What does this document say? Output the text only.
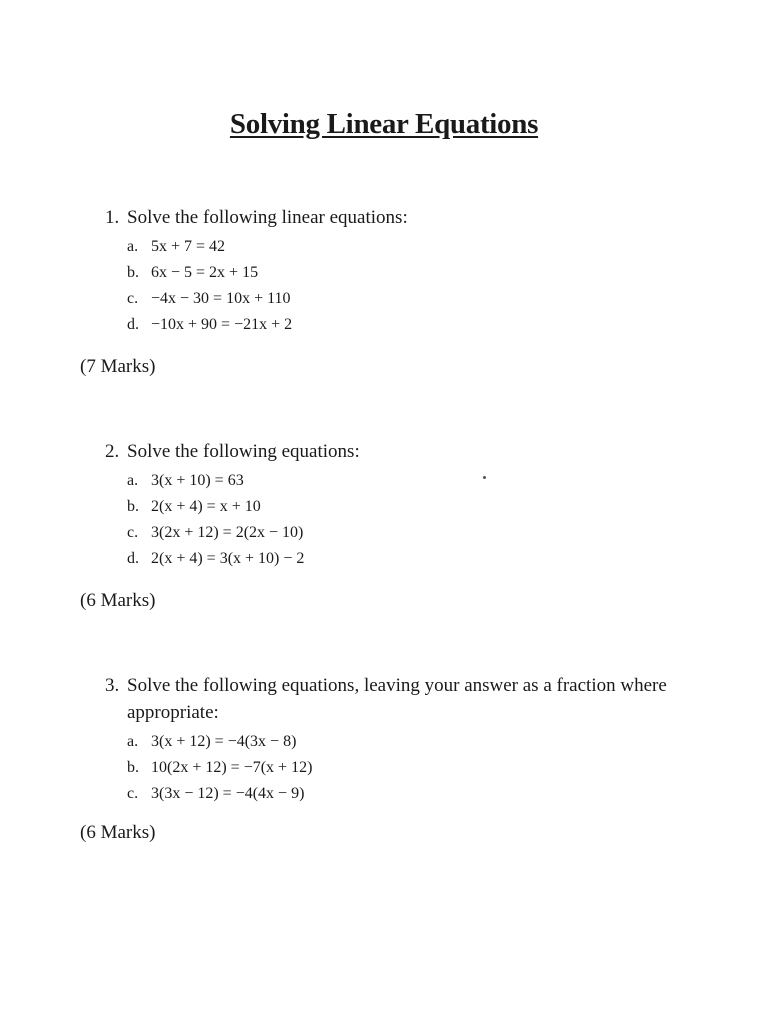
Solving Linear Equations
1. Solve the following linear equations:
a. 5x + 7 = 42
b. 6x − 5 = 2x + 15
c. −4x − 30 = 10x + 110
d. −10x + 90 = −21x + 2
(7 Marks)
2. Solve the following equations:
a. 3(x + 10) = 63
b. 2(x + 4) = x + 10
c. 3(2x + 12) = 2(2x − 10)
d. 2(x + 4) = 3(x + 10) − 2
(6 Marks)
3. Solve the following equations, leaving your answer as a fraction where appropriate:
a. 3(x + 12) = −4(3x − 8)
b. 10(2x + 12) = −7(x + 12)
c. 3(3x − 12) = −4(4x − 9)
(6 Marks)
